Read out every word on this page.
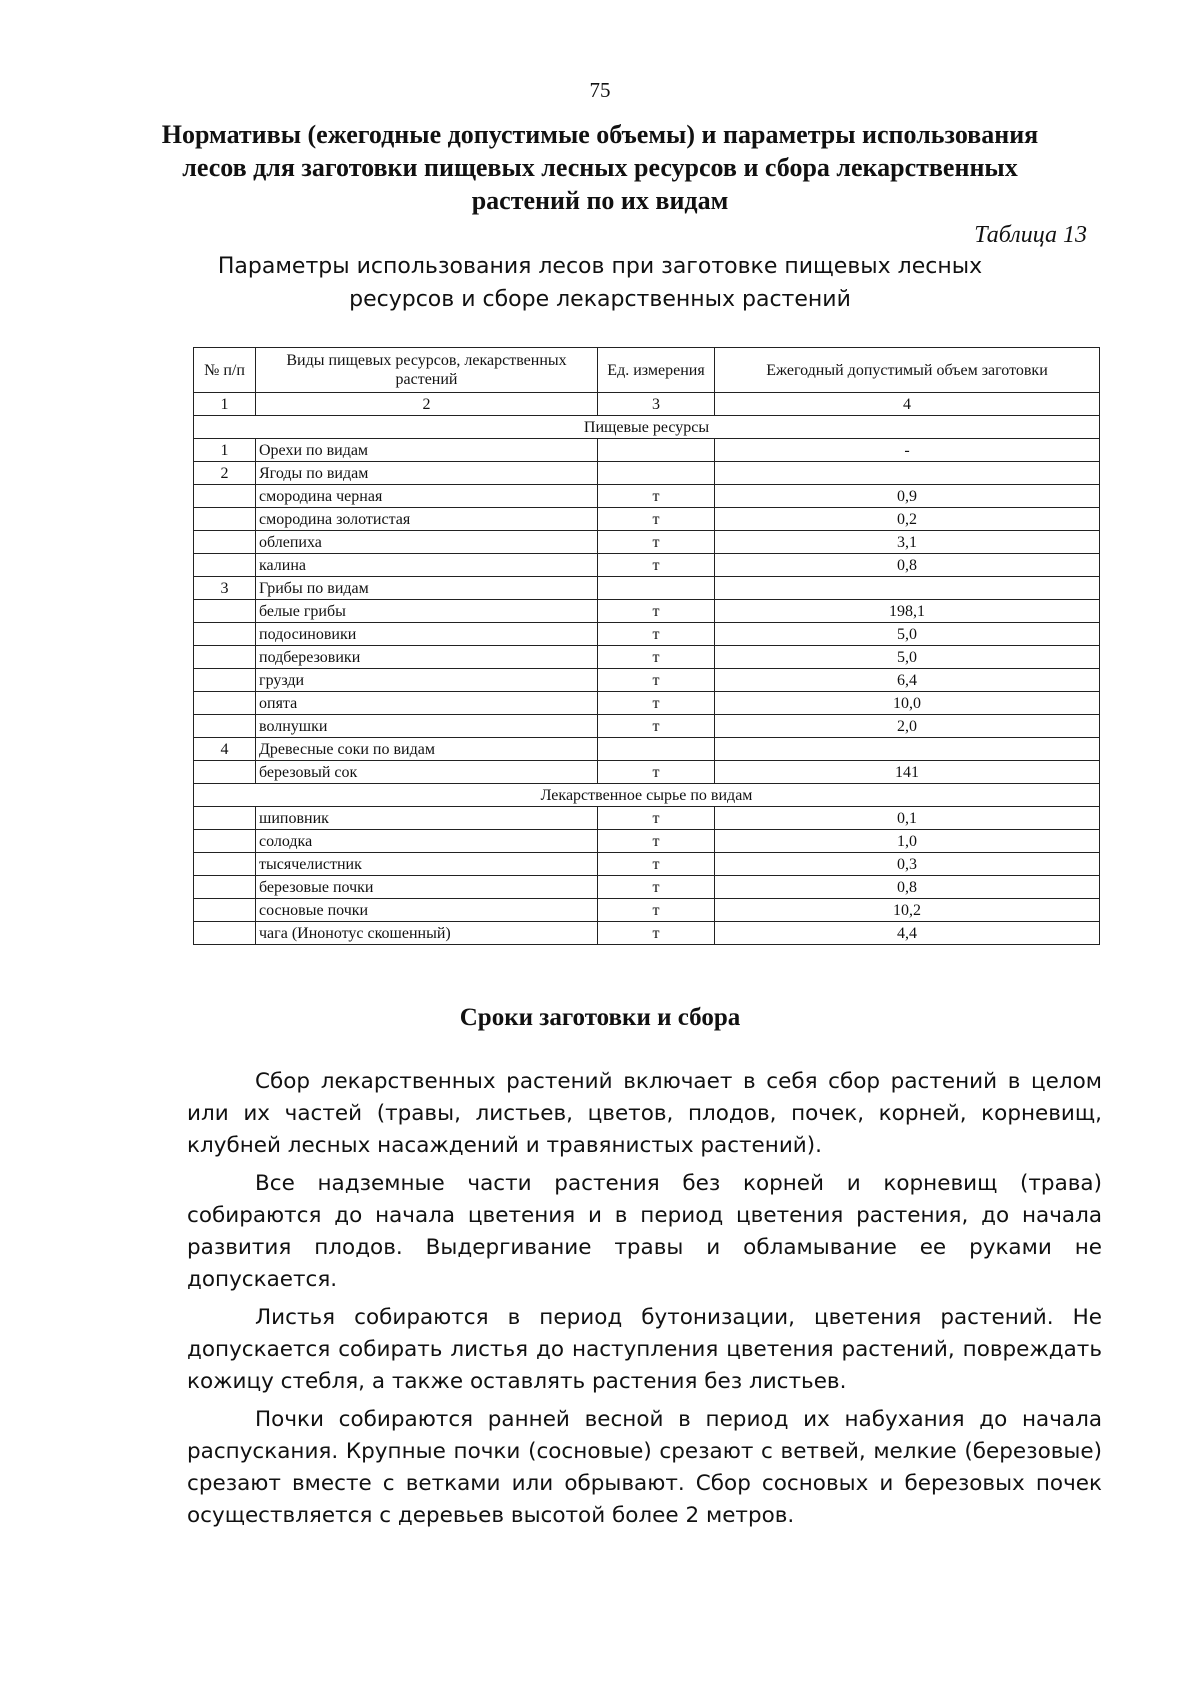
75
Нормативы (ежегодные допустимые объемы) и параметры использования лесов для заготовки пищевых лесных ресурсов и сбора лекарственных растений по их видам
Таблица 13
Параметры использования лесов при заготовке пищевых лесных ресурсов и сборе лекарственных растений
№ п/п	Виды пищевых ресурсов, лекарственных растений	Ед. измерения	Ежегодный допустимый объем заготовки
1	2	3	4
Пищевые ресурсы			
1	Орехи по видам		-
2	Ягоды по видам		
	смородина черная	т	0,9
	смородина золотистая	т	0,2
	облепиха	т	3,1
	калина	т	0,8
3	Грибы по видам		
	белые грибы	т	198,1
	подосиновики	т	5,0
	подберезовики	т	5,0
	грузди	т	6,4
	опята	т	10,0
	волнушки	т	2,0
4	Древесные соки по видам		
	березовый сок	т	141
Лекарственное сырье по видам			
	шиповник	т	0,1
	солодка	т	1,0
	тысячелистник	т	0,3
	березовые почки	т	0,8
	сосновые почки	т	10,2
	чага (Инонотус скошенный)	т	4,4
Сроки заготовки и сбора

Сбор лекарственных растений включает в себя сбор растений в целом или их частей (травы, листьев, цветов, плодов, почек, корней, корневищ, клубней лесных насаждений и травянистых растений).

Все надземные части растения без корней и корневищ (трава) собираются до начала цветения и в период цветения растения, до начала развития плодов. Выдергивание травы и обламывание ее руками не допускается.

Листья собираются в период бутонизации, цветения растений. Не допускается собирать листья до наступления цветения растений, повреждать кожицу стебля, а также оставлять растения без листьев.

Почки собираются ранней весной в период их набухания до начала распускания. Крупные почки (сосновые) срезают с ветвей, мелкие (березовые) срезают вместе с ветками или обрывают. Сбор сосновых и березовых почек осуществляется с деревьев высотой более 2 метров.
